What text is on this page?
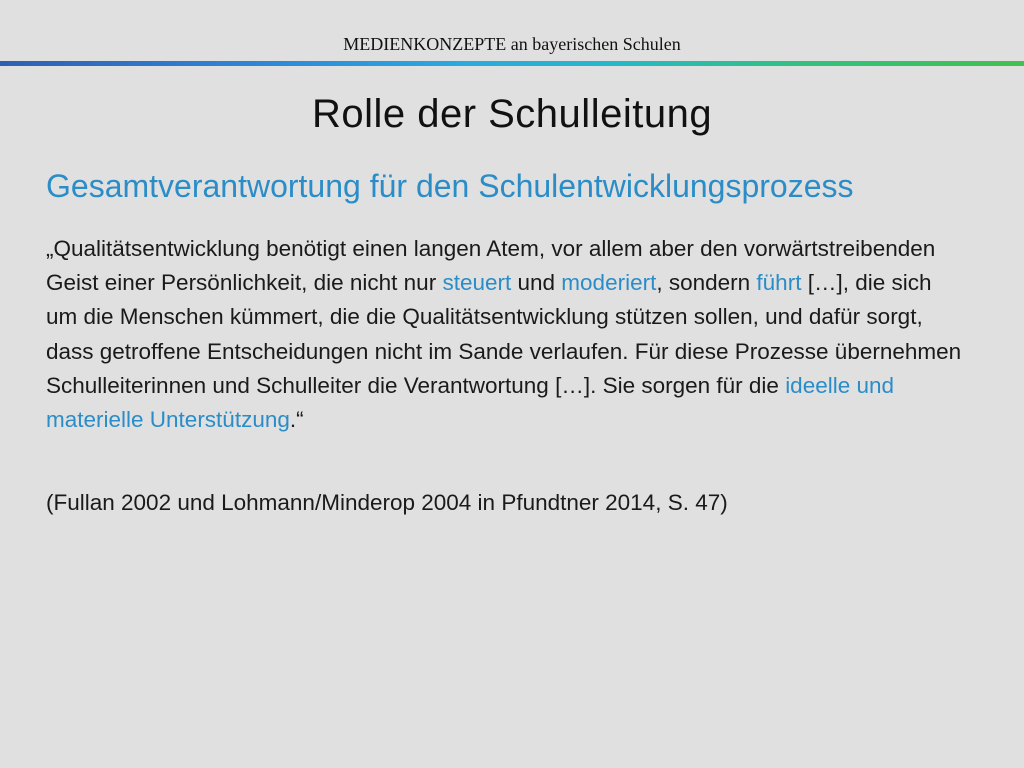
MEDIENKONZEPTE an bayerischen Schulen
Rolle der Schulleitung
Gesamtverantwortung für den Schulentwicklungsprozess

„Qualitätsentwicklung benötigt einen langen Atem, vor allem aber den vorwärtstreibenden Geist einer Persönlichkeit, die nicht nur steuert und moderiert, sondern führt […], die sich um die Menschen kümmert, die die Qualitätsentwicklung stützen sollen, und dafür sorgt, dass getroffene Entscheidungen nicht im Sande verlaufen. Für diese Prozesse übernehmen Schulleiterinnen und Schulleiter die Verantwortung […]. Sie sorgen für die ideelle und materielle Unterstützung.“

(Fullan 2002 und Lohmann/Minderop 2004 in Pfundtner 2014, S. 47)
